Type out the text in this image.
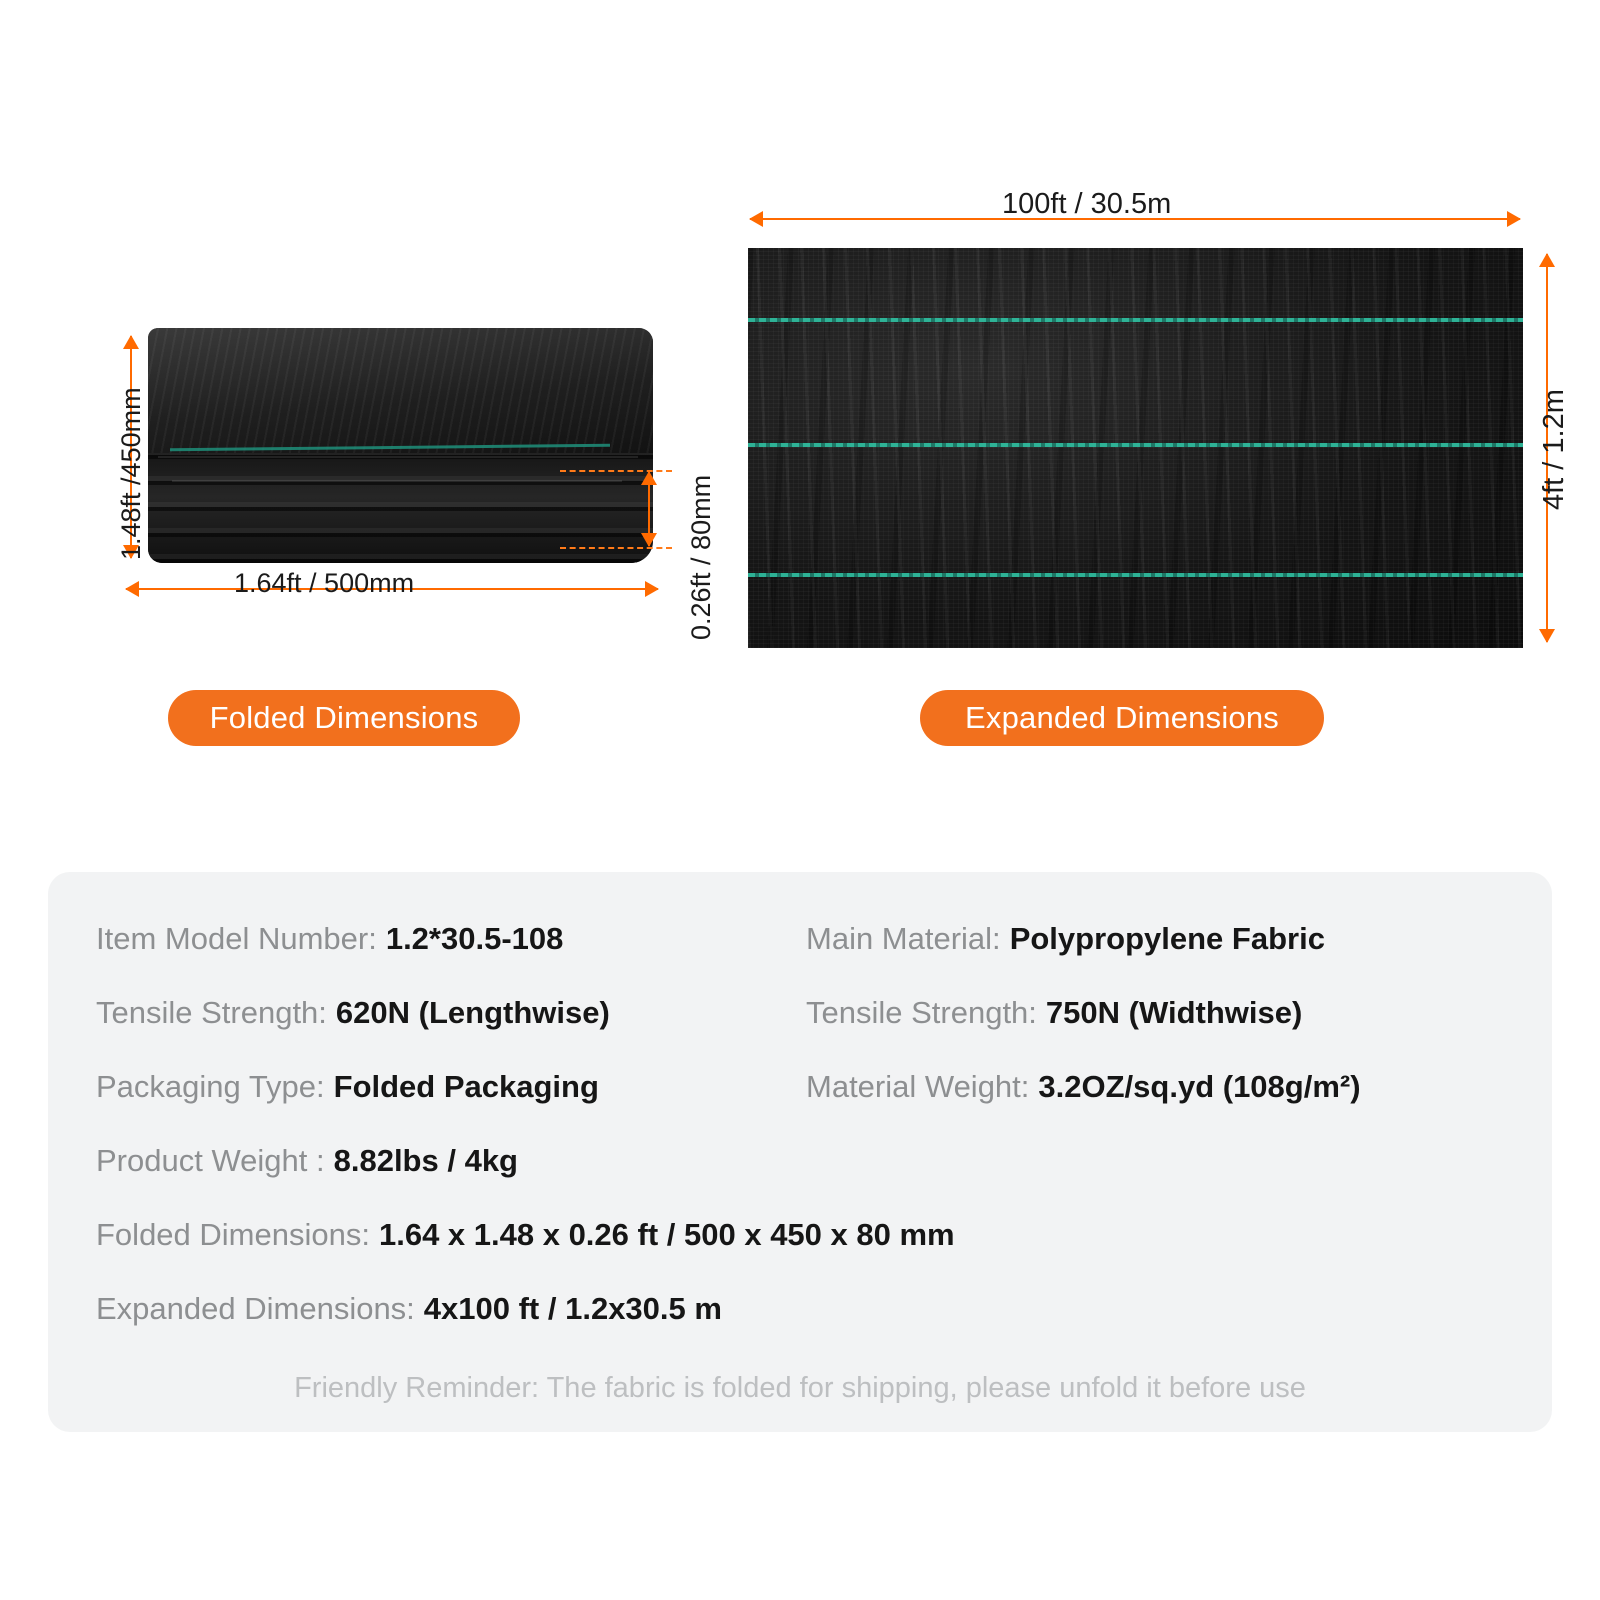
1.48ft /450mm
1.64ft / 500mm	0.26ft / 80mm
Folded Dimensions
100ft / 30.5m
4ft / 1.2m
Expanded Dimensions
Item Model Number: 1.2*30.5-108	Main Material: Polypropylene Fabric
Tensile Strength: 620N (Lengthwise)	Tensile Strength: 750N (Widthwise)
Packaging Type: Folded Packaging	Material Weight: 3.2OZ/sq.yd (108g/m²)
Product Weight : 8.82lbs / 4kg
Folded Dimensions: 1.64 x 1.48 x 0.26 ft / 500 x 450 x 80 mm
Expanded Dimensions: 4x100 ft / 1.2x30.5 m
Friendly Reminder: The fabric is folded for shipping, please unfold it before use
